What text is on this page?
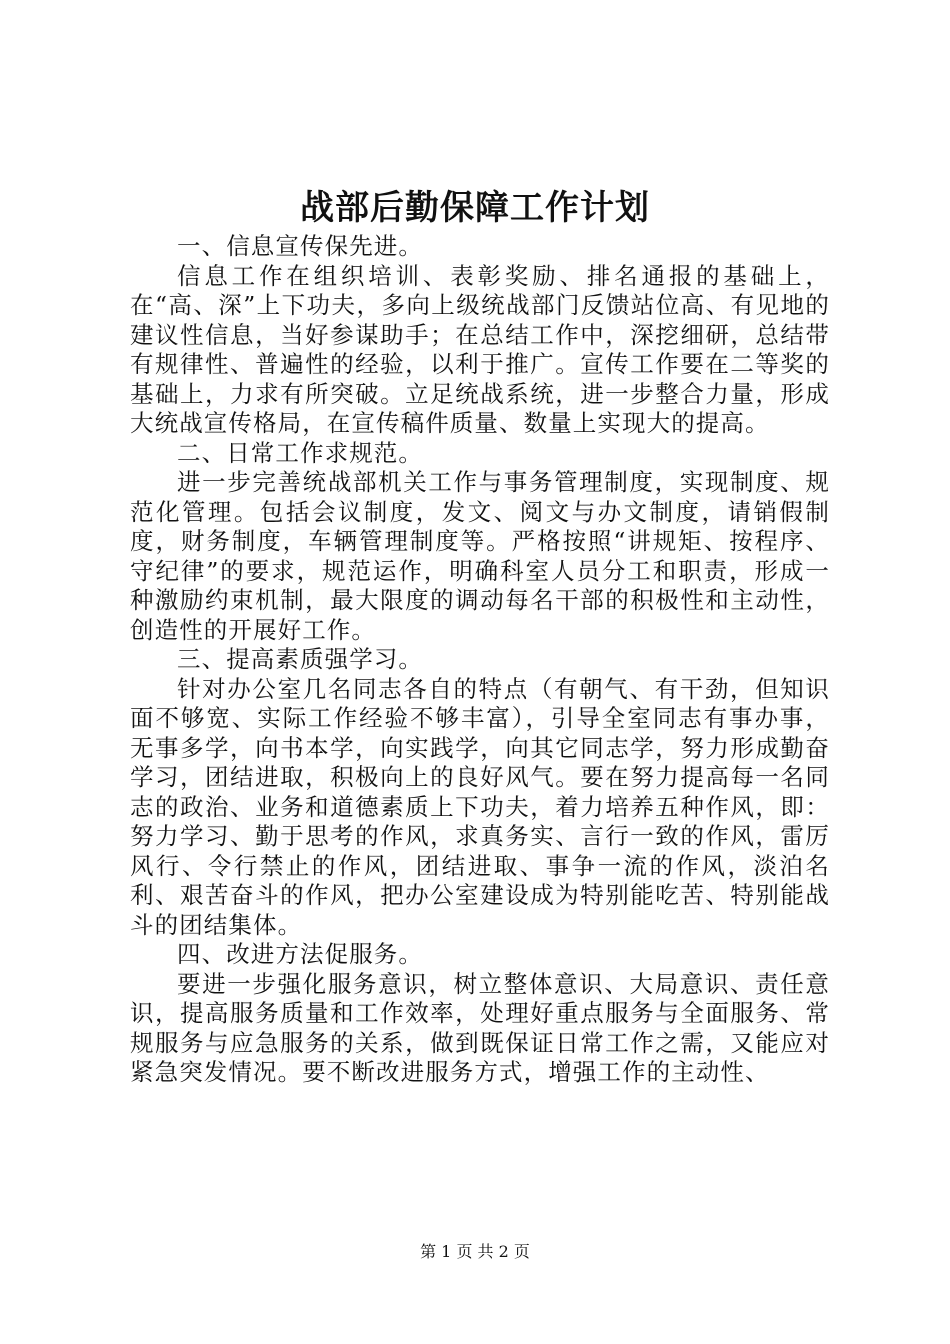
战部后勤保障工作计划

一、信息宣传保先进。

信息工作在组织培训、表彰奖励、排名通报的基础上，在“高、深”上下功夫，多向上级统战部门反馈站位高、有见地的建议性信息，当好参谋助手；在总结工作中，深挖细研，总结带有规律性、普遍性的经验，以利于推广。宣传工作要在二等奖的基础上，力求有所突破。立足统战系统，进一步整合力量，形成大统战宣传格局，在宣传稿件质量、数量上实现大的提高。

二、日常工作求规范。

进一步完善统战部机关工作与事务管理制度，实现制度、规范化管理。包括会议制度，发文、阅文与办文制度，请销假制度，财务制度，车辆管理制度等。严格按照“讲规矩、按程序、守纪律”的要求，规范运作，明确科室人员分工和职责，形成一种激励约束机制，最大限度的调动每名干部的积极性和主动性，创造性的开展好工作。

三、提高素质强学习。

针对办公室几名同志各自的特点（有朝气、有干劲，但知识面不够宽、实际工作经验不够丰富），引导全室同志有事办事，无事多学，向书本学，向实践学，向其它同志学，努力形成勤奋学习，团结进取，积极向上的良好风气。要在努力提高每一名同志的政治、业务和道德素质上下功夫，着力培养五种作风，即：努力学习、勤于思考的作风，求真务实、言行一致的作风，雷厉风行、令行禁止的作风，团结进取、事争一流的作风，淡泊名利、艰苦奋斗的作风，把办公室建设成为特别能吃苦、特别能战斗的团结集体。

四、改进方法促服务。

要进一步强化服务意识，树立整体意识、大局意识、责任意识，提高服务质量和工作效率，处理好重点服务与全面服务、常规服务与应急服务的关系，做到既保证日常工作之需，又能应对紧急突发情况。要不断改进服务方式，增强工作的主动性、

第 1 页 共 2 页
